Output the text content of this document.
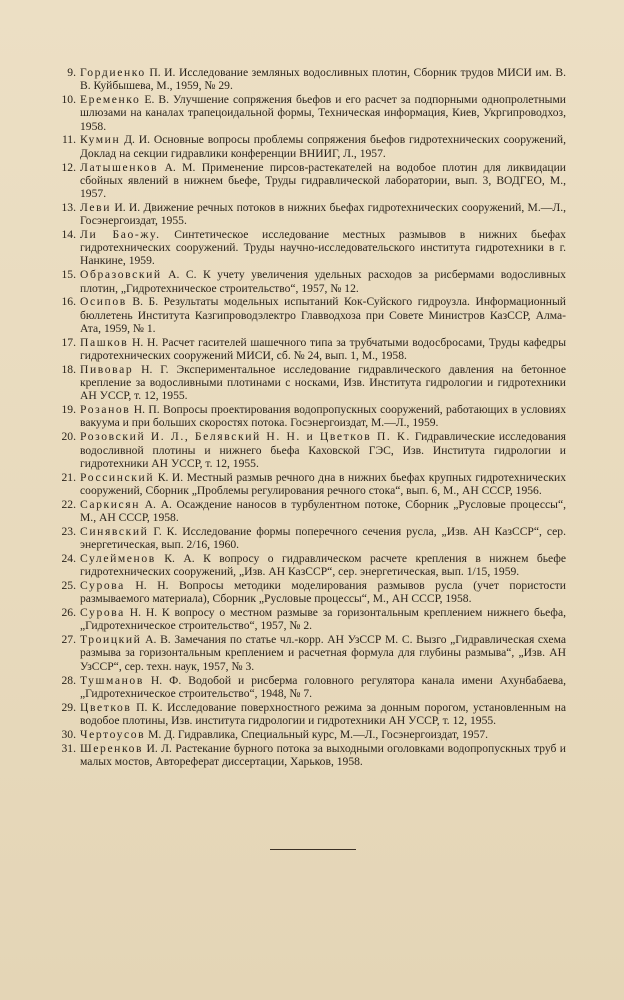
9. Гордиенко П. И. Исследование земляных водосливных плотин, Сборник трудов МИСИ им. В. В. Куйбышева, М., 1959, № 29.
10. Еременко Е. В. Улучшение сопряжения бьефов и его расчет за подпорными однопролетными шлюзами на каналах трапецоидальной формы, Техническая информация, Киев, Укргипроводхоз, 1958.
11. Кумин Д. И. Основные вопросы проблемы сопряжения бьефов гидротехнических сооружений, Доклад на секции гидравлики конференции ВНИИГ, Л., 1957.
12. Латышенков А. М. Применение пирсов-растекателей на водобое плотин для ликвидации сбойных явлений в нижнем бьефе, Труды гидравлической лаборатории, вып. 3, ВОДГЕО, М., 1957.
13. Леви И. И. Движение речных потоков в нижних бьефах гидротехнических сооружений, М.—Л., Госэнергоиздат, 1955.
14. Ли Бао-жу. Синтетическое исследование местных размывов в нижних бьефах гидротехнических сооружений. Труды научно-исследовательского института гидротехники в г. Нанкине, 1959.
15. Образовский А. С. К учету увеличения удельных расходов за рисбермами водосливных плотин, „Гидротехническое строительство“, 1957, № 12.
16. Осипов В. Б. Результаты модельных испытаний Кок-Суйского гидроузла. Информационный бюллетень Института Казгипроводэлектро Главводхоза при Совете Министров КазССР, Алма-Ата, 1959, № 1.
17. Пашков Н. Н. Расчет гасителей шашечного типа за трубчатыми водосбросами, Труды кафедры гидротехнических сооружений МИСИ, сб. № 24, вып. 1, М., 1958.
18. Пивовар Н. Г. Экспериментальное исследование гидравлического давления на бетонное крепление за водосливными плотинами с носками, Изв. Института гидрологии и гидротехники АН УССР, т. 12, 1955.
19. Розанов Н. П. Вопросы проектирования водопропускных сооружений, работающих в условиях вакуума и при больших скоростях потока. Госэнергоиздат, М.—Л., 1959.
20. Розовский И. Л., Белявский Н. Н. и Цветков П. К. Гидравлические исследования водосливной плотины и нижнего бьефа Каховской ГЭС, Изв. Института гидрологии и гидротехники АН УССР, т. 12, 1955.
21. Россинский К. И. Местный размыв речного дна в нижних бьефах крупных гидротехнических сооружений, Сборник „Проблемы регулирования речного стока“, вып. 6, М., АН СССР, 1956.
22. Саркисян А. А. Осаждение наносов в турбулентном потоке, Сборник „Русловые процессы“, М., АН СССР, 1958.
23. Синявский Г. К. Исследование формы поперечного сечения русла, „Изв. АН КазССР“, сер. энергетическая, вып. 2/16, 1960.
24. Сулейменов К. А. К вопросу о гидравлическом расчете крепления в нижнем бьефе гидротехнических сооружений, „Изв. АН КазССР“, сер. энергетическая, вып. 1/15, 1959.
25. Сурова Н. Н. Вопросы методики моделирования размывов русла (учет пористости размываемого материала), Сборник „Русловые процессы“, М., АН СССР, 1958.
26. Сурова Н. Н. К вопросу о местном размыве за горизонтальным креплением нижнего бьефа, „Гидротехническое строительство“, 1957, № 2.
27. Троицкий А. В. Замечания по статье чл.-корр. АН УзССР М. С. Вызго „Гидравлическая схема размыва за горизонтальным креплением и расчетная формула для глубины размыва“, „Изв. АН УзССР“, сер. техн. наук, 1957, № 3.
28. Тушманов Н. Ф. Водобой и рисберма головного регулятора канала имени Ахунбабаева, „Гидротехническое строительство“, 1948, № 7.
29. Цветков П. К. Исследование поверхностного режима за донным порогом, установленным на водобое плотины, Изв. института гидрологии и гидротехники АН УССР, т. 12, 1955.
30. Чертоусов М. Д. Гидравлика, Специальный курс, М.—Л., Госэнергоиздат, 1957.
31. Шеренков И. Л. Растекание бурного потока за выходными оголовками водопропускных труб и малых мостов, Автореферат диссертации, Харьков, 1958.
